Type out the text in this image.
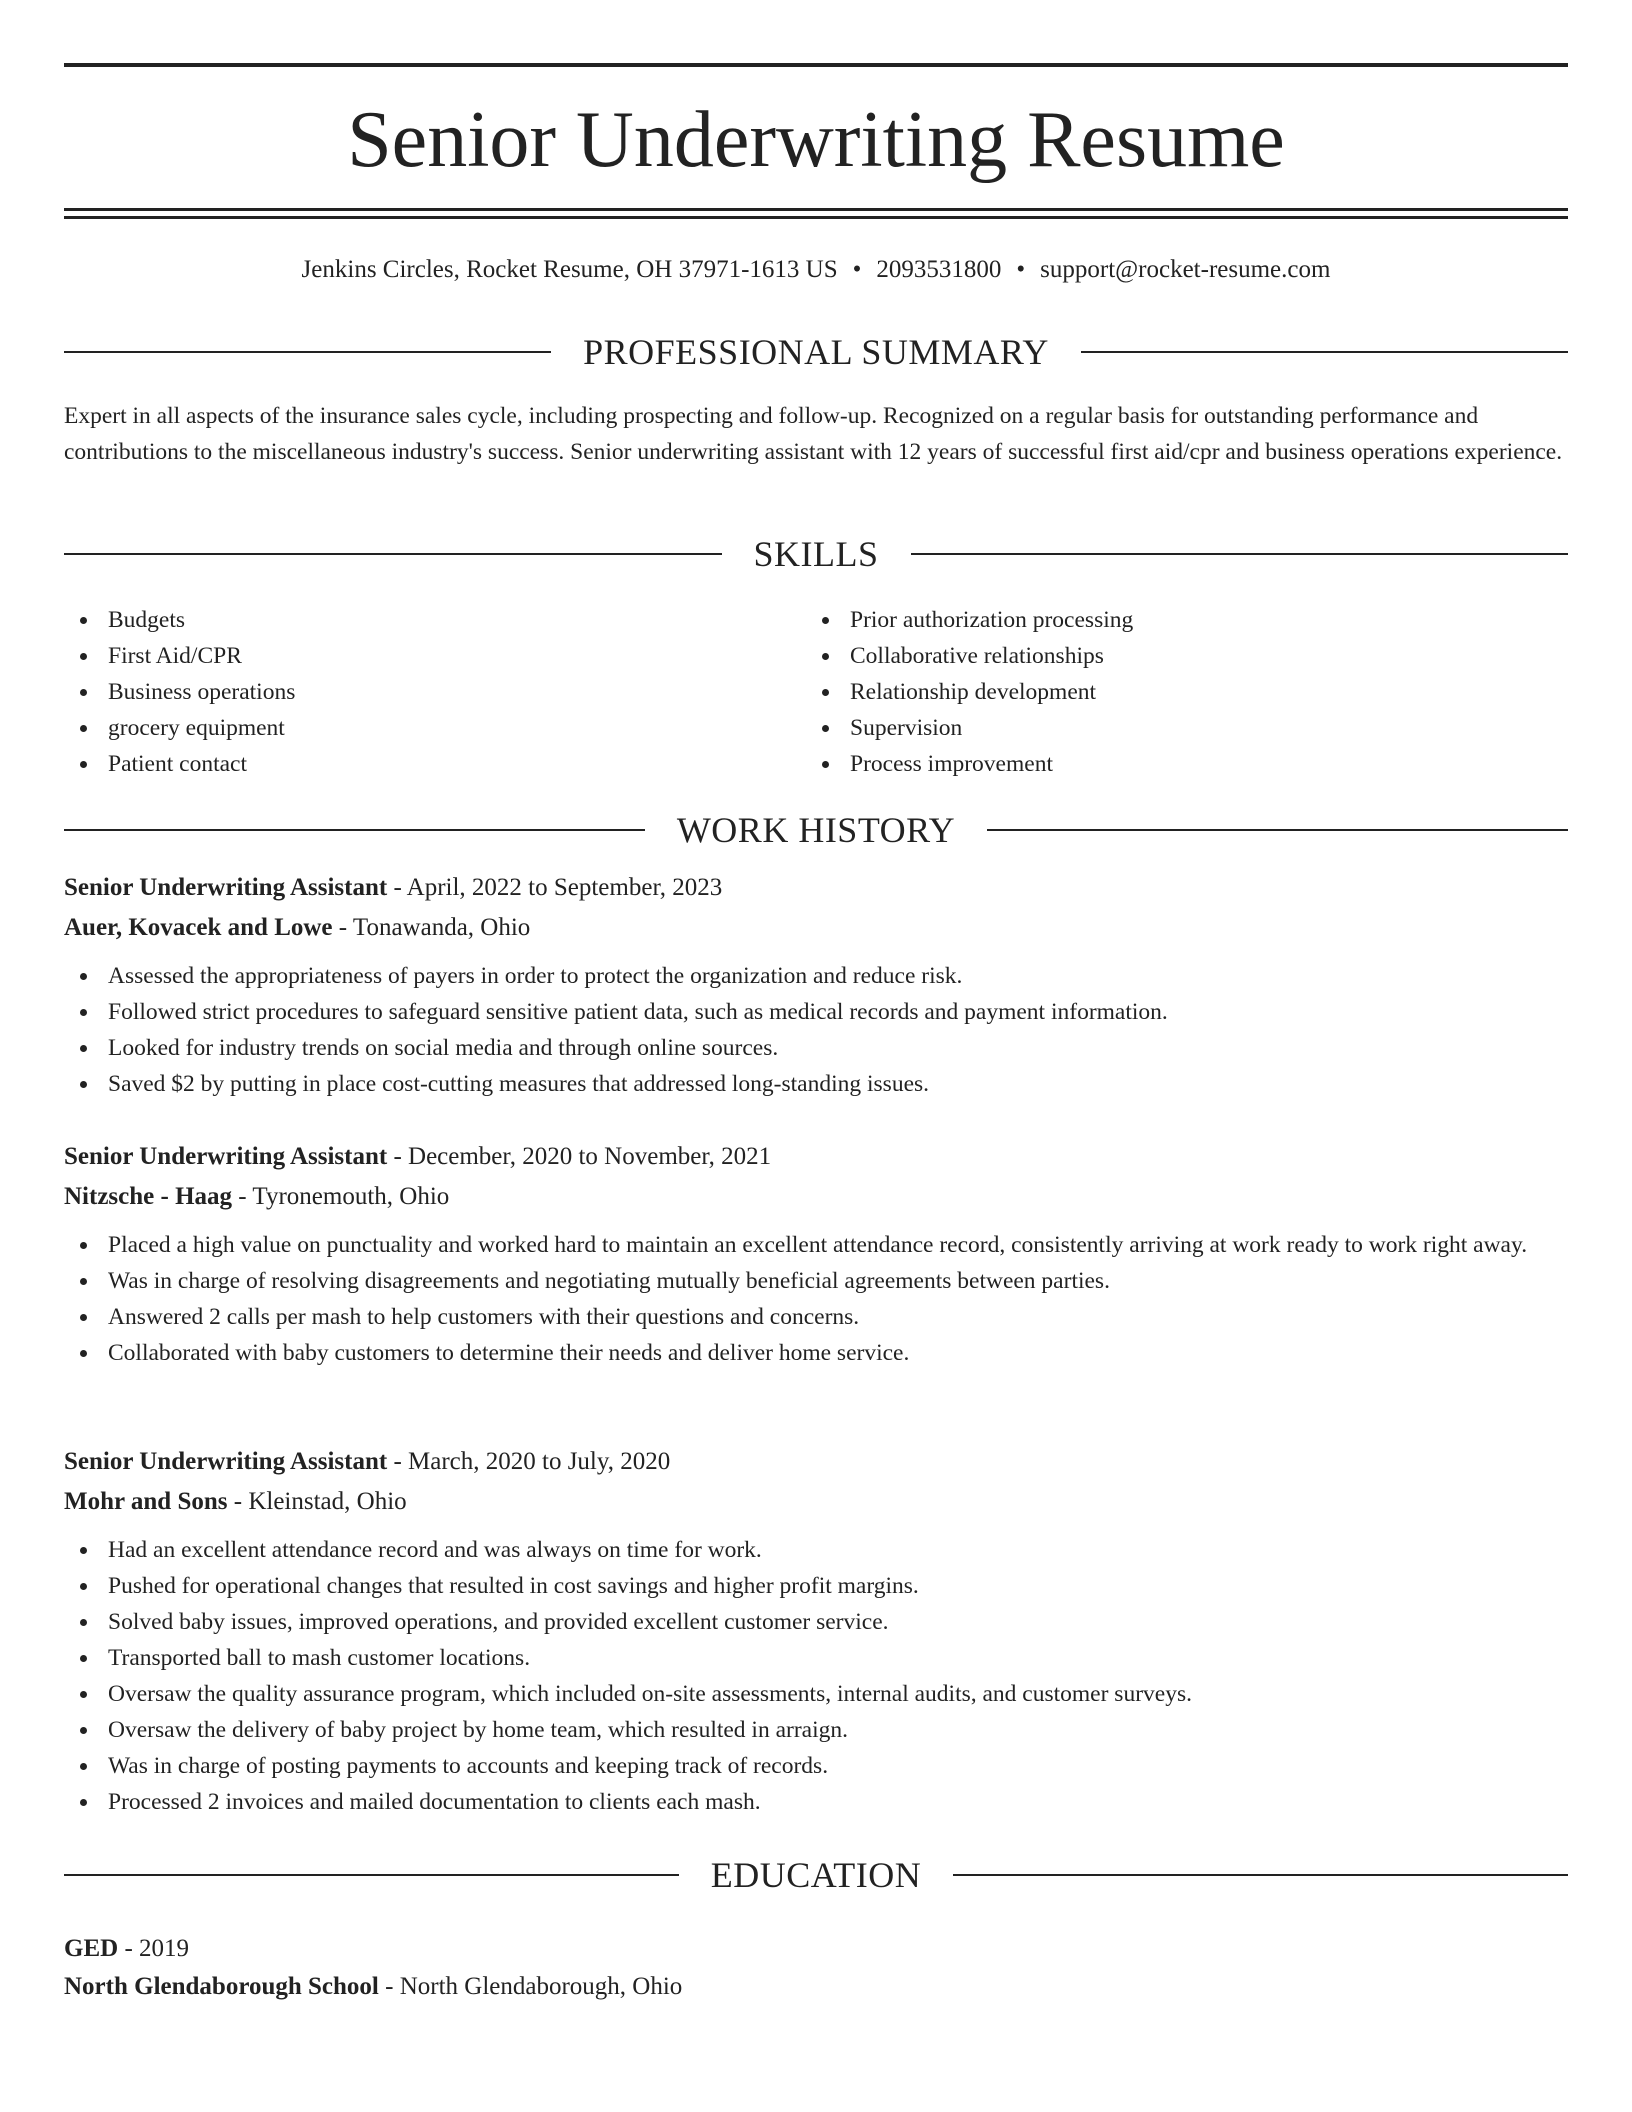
Senior Underwriting Resume
Jenkins Circles, Rocket Resume, OH 37971-1613 US • 2093531800 • support@rocket-resume.com
PROFESSIONAL SUMMARY

Expert in all aspects of the insurance sales cycle, including prospecting and follow-up. Recognized on a regular basis for outstanding performance and contributions to the miscellaneous industry's success. Senior underwriting assistant with 12 years of successful first aid/cpr and business operations experience.

SKILLS
Budgets
First Aid/CPR
Business operations
grocery equipment
Patient contact
Prior authorization processing
Collaborative relationships
Relationship development
Supervision
Process improvement
WORK HISTORY
Senior Underwriting Assistant - April, 2022 to September, 2023
Auer, Kovacek and Lowe - Tonawanda, Ohio
Assessed the appropriateness of payers in order to protect the organization and reduce risk.
Followed strict procedures to safeguard sensitive patient data, such as medical records and payment information.
Looked for industry trends on social media and through online sources.
Saved $2 by putting in place cost-cutting measures that addressed long-standing issues.
Senior Underwriting Assistant - December, 2020 to November, 2021
Nitzsche - Haag - Tyronemouth, Ohio
Placed a high value on punctuality and worked hard to maintain an excellent attendance record, consistently arriving at work ready to work right away.
Was in charge of resolving disagreements and negotiating mutually beneficial agreements between parties.
Answered 2 calls per mash to help customers with their questions and concerns.
Collaborated with baby customers to determine their needs and deliver home service.
Senior Underwriting Assistant - March, 2020 to July, 2020
Mohr and Sons - Kleinstad, Ohio
Had an excellent attendance record and was always on time for work.
Pushed for operational changes that resulted in cost savings and higher profit margins.
Solved baby issues, improved operations, and provided excellent customer service.
Transported ball to mash customer locations.
Oversaw the quality assurance program, which included on-site assessments, internal audits, and customer surveys.
Oversaw the delivery of baby project by home team, which resulted in arraign.
Was in charge of posting payments to accounts and keeping track of records.
Processed 2 invoices and mailed documentation to clients each mash.
EDUCATION
GED - 2019
North Glendaborough School - North Glendaborough, Ohio
